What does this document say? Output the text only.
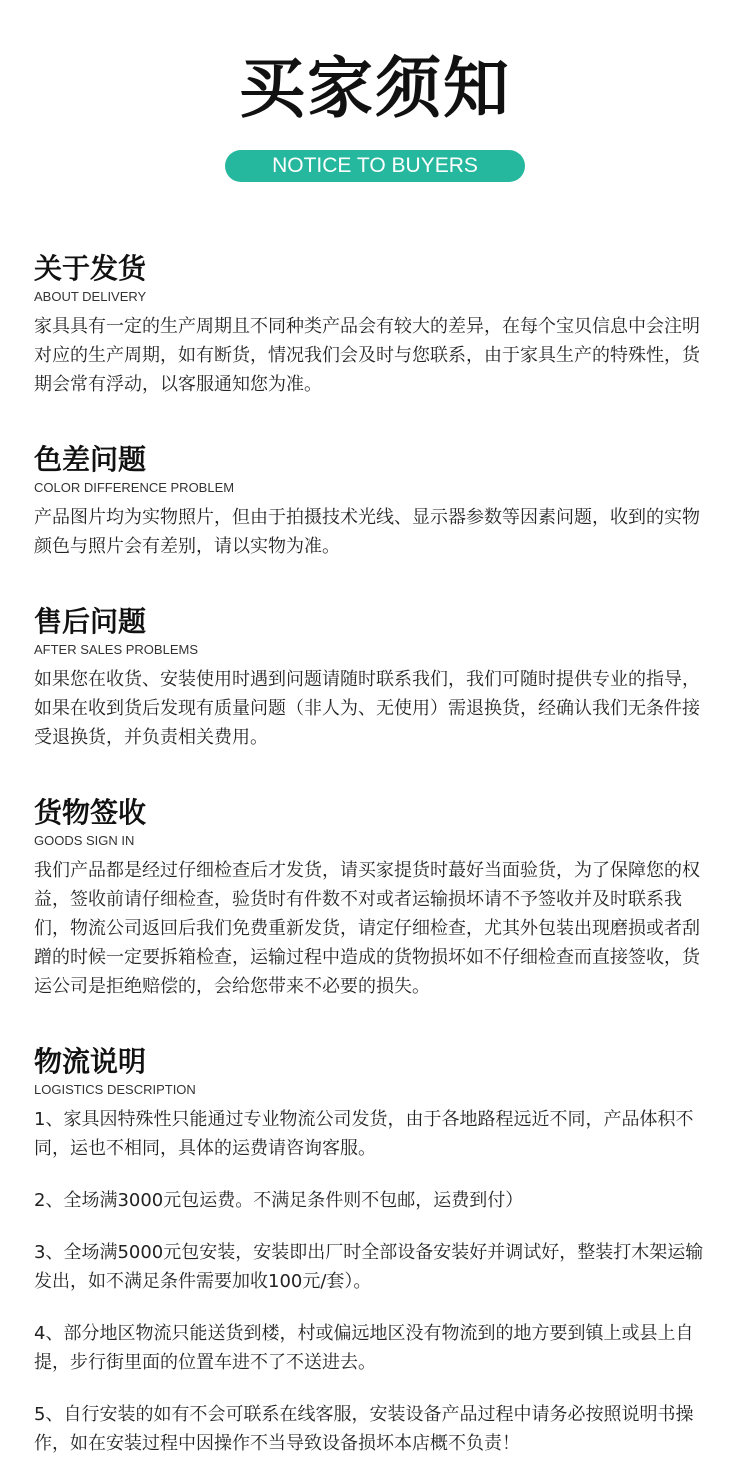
买家须知
NOTICE TO BUYERS
关于发货
ABOUT DELIVERY
家具具有一定的生产周期且不同种类产品会有较大的差异，在每个宝贝信息中会注明对应的生产周期，如有断货，情况我们会及时与您联系，由于家具生产的特殊性，货期会常有浮动，以客服通知您为准。
色差问题
COLOR DIFFERENCE PROBLEM
产品图片均为实物照片，但由于拍摄技术光线、显示器参数等因素问题，收到的实物颜色与照片会有差别，请以实物为准。
售后问题
AFTER SALES PROBLEMS
如果您在收货、安装使用时遇到问题请随时联系我们，我们可随时提供专业的指导，如果在收到货后发现有质量问题（非人为、无使用）需退换货，经确认我们无条件接受退换货，并负责相关费用。
货物签收
GOODS SIGN IN
我们产品都是经过仔细检查后才发货，请买家提货时蕞好当面验货，为了保障您的权益，签收前请仔细检查，验货时有件数不对或者运输损坏请不予签收并及时联系我们，物流公司返回后我们免费重新发货，请定仔细检查，尤其外包装出现磨损或者刮蹭的时候一定要拆箱检查，运输过程中造成的货物损坏如不仔细检查而直接签收，货运公司是拒绝赔偿的，会给您带来不必要的损失。
物流说明
LOGISTICS DESCRIPTION
1、家具因特殊性只能通过专业物流公司发货，由于各地路程远近不同，产品体积不同，运也不相同，具体的运费请咨询客服。
2、全场满3000元包运费。不满足条件则不包邮，运费到付）
3、全场满5000元包安装，安装即出厂时全部设备安装好并调试好，整装打木架运输发出，如不满足条件需要加收100元/套）。
4、部分地区物流只能送货到楼，村或偏远地区没有物流到的地方要到镇上或县上自提，步行街里面的位置车进不了不送进去。
5、自行安装的如有不会可联系在线客服，安装设备产品过程中请务必按照说明书操作，如在安装过程中因操作不当导致设备损坏本店概不负责！
